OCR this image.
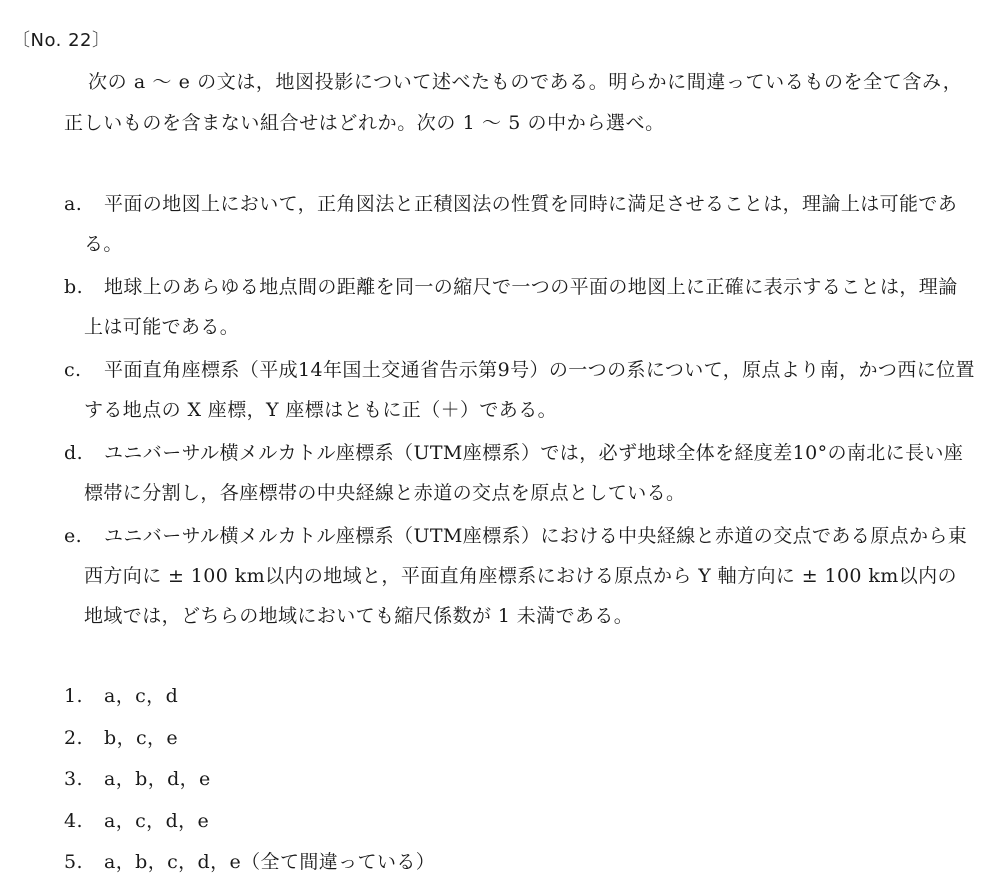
〔No. 22〕
次の a ～ e の文は，地図投影について述べたものである。明らかに間違っているものを全て含み，正しいものを含まない組合せはどれか。次の 1 ～ 5 の中から選べ。
a. 平面の地図上において，正角図法と正積図法の性質を同時に満足させることは，理論上は可能である。
b. 地球上のあらゆる地点間の距離を同一の縮尺で一つの平面の地図上に正確に表示することは，理論上は可能である。
c. 平面直角座標系（平成14年国土交通省告示第9号）の一つの系について，原点より南，かつ西に位置する地点の X 座標，Y 座標はともに正（＋）である。
d. ユニバーサル横メルカトル座標系（UTM座標系）では，必ず地球全体を経度差10°の南北に長い座標帯に分割し，各座標帯の中央経線と赤道の交点を原点としている。
e. ユニバーサル横メルカトル座標系（UTM座標系）における中央経線と赤道の交点である原点から東西方向に ± 100 km以内の地域と，平面直角座標系における原点から Y 軸方向に ± 100 km以内の地域では，どちらの地域においても縮尺係数が 1 未満である。
1. a，c，d
2. b，c，e
3. a，b，d，e
4. a，c，d，e
5. a，b，c，d，e（全て間違っている）
